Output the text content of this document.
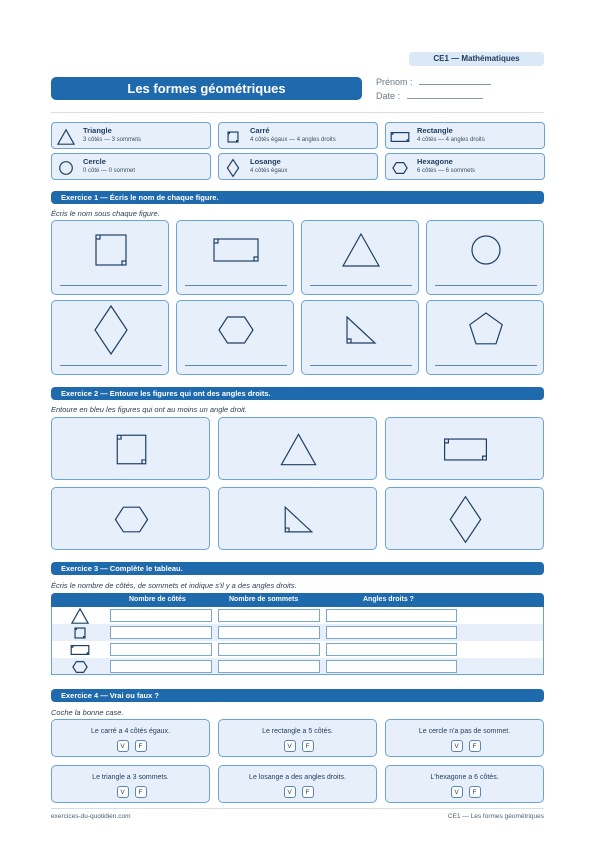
CE1 — Mathématiques
Les formes géométriques	Prénom :
Date :
Triangle
3 côtés — 3 sommets
Carré
4 côtés égaux — 4 angles droits
Rectangle
4 côtés — 4 angles droits
Cercle
0 côté — 0 sommet
Losange
4 côtés égaux
Hexagone
6 côtés — 6 sommets
Exercice 1 — Écris le nom de chaque figure.
Écris le nom sous chaque figure.
Exercice 2 — Entoure les figures qui ont des angles droits.
Entoure en bleu les figures qui ont au moins un angle droit.
Exercice 3 — Complète le tableau.
Écris le nombre de côtés, de sommets et indique s'il y a des angles droits.
Nombre de côtés	Nombre de sommets	Angles droits ?
Exercice 4 — Vrai ou faux ?
Coche la bonne case.
Le carré a 4 côtés égaux.
V	F
Le rectangle a 5 côtés.
V	F
Le cercle n'a pas de sommet.
V	F
Le triangle a 3 sommets.
V	F
Le losange a des angles droits.
V	F
L'hexagone a 6 côtés.
V	F
exercices-du-quotidien.com	CE1 — Les formes géométriques
